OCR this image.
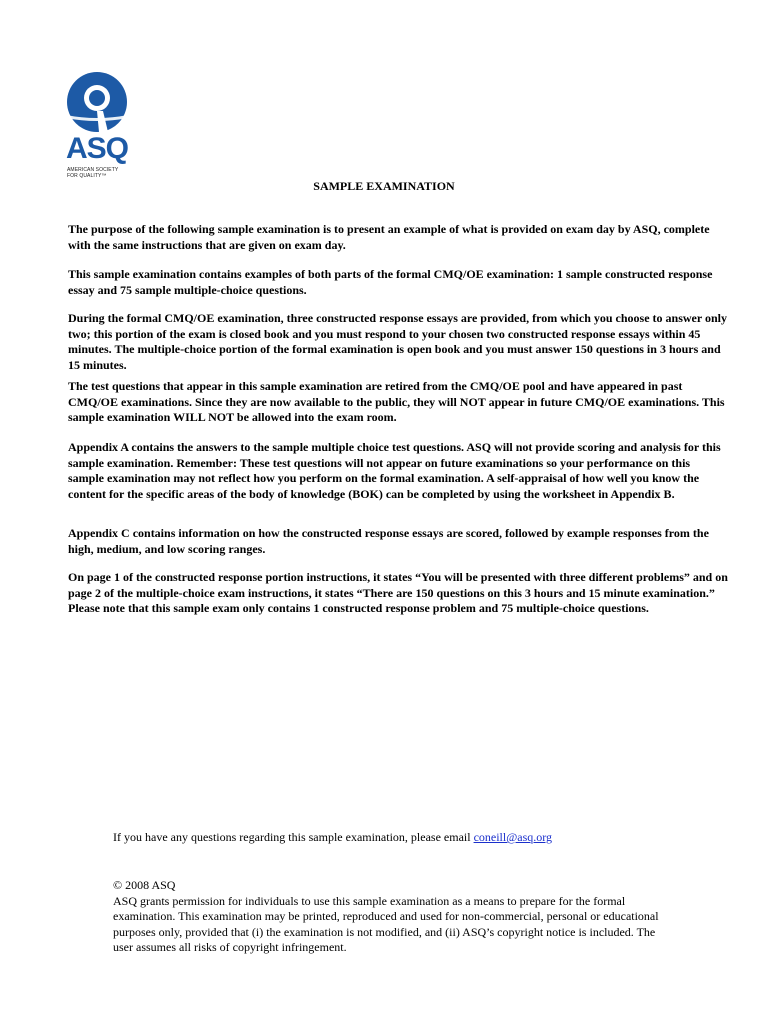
ASQ
AMERICAN SOCIETY FOR QUALITY™
SAMPLE EXAMINATION

The purpose of the following sample examination is to present an example of what is provided on exam day by ASQ, complete with the same instructions that are given on exam day.

This sample examination contains examples of both parts of the formal CMQ/OE examination: 1 sample constructed response essay and 75 sample multiple-choice questions.

During the formal CMQ/OE examination, three constructed response essays are provided, from which you choose to answer only two; this portion of the exam is closed book and you must respond to your chosen two constructed response essays within 45 minutes. The multiple-choice portion of the formal examination is open book and you must answer 150 questions in 3 hours and 15 minutes.

The test questions that appear in this sample examination are retired from the CMQ/OE pool and have appeared in past CMQ/OE examinations. Since they are now available to the public, they will NOT appear in future CMQ/OE examinations. This sample examination WILL NOT be allowed into the exam room.

Appendix A contains the answers to the sample multiple choice test questions. ASQ will not provide scoring and analysis for this sample examination. Remember: These test questions will not appear on future examinations so your performance on this sample examination may not reflect how you perform on the formal examination. A self-appraisal of how well you know the content for the specific areas of the body of knowledge (BOK) can be completed by using the worksheet in Appendix B.

Appendix C contains information on how the constructed response essays are scored, followed by example responses from the high, medium, and low scoring ranges.

On page 1 of the constructed response portion instructions, it states “You will be presented with three different problems” and on page 2 of the multiple-choice exam instructions, it states “There are 150 questions on this 3 hours and 15 minute examination.” Please note that this sample exam only contains 1 constructed response problem and 75 multiple-choice questions.

If you have any questions regarding this sample examination, please email coneill@asq.org
© 2008 ASQ
ASQ grants permission for individuals to use this sample examination as a means to prepare for the formal examination. This examination may be printed, reproduced and used for non-commercial, personal or educational purposes only, provided that (i) the examination is not modified, and (ii) ASQ’s copyright notice is included. The user assumes all risks of copyright infringement.
